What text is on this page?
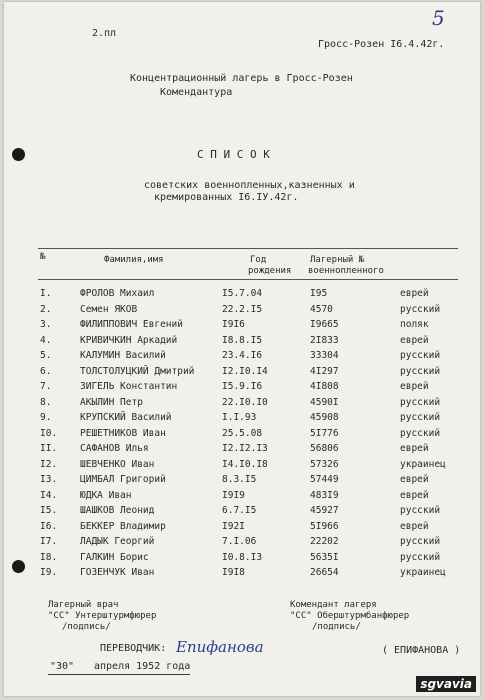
5
2.пл
Гросс-Розен I6.4.42г.
Концентрационный лагерь в Гросс-Розен
Комендантура
С П И С О К
советских военнопленных,казненных и
кремированных I6.IУ.42г.
№	Фамилия,имя	Год
рождения
Лагерный №
военнопленного
I.	ФРОЛОВ Михаил	I5.7.04	I95	еврей
2.	Семен ЯКОВ	22.2.I5	4570	русский
3.	ФИЛИППОВИЧ Евгений	I9I6	I9665	поляк
4.	КРИВИЧКИН Аркадий	I8.8.I5	2I833	еврей
5.	КАЛУМИН Василий	23.4.I6	33304	русский
6.	ТОЛСТОЛУЦКИЙ Дмитрий	I2.I0.I4	4I297	русский
7.	ЗИГЕЛЬ Константин	I5.9.I6	4I808	еврей
8.	АКЫЛИН Петр	22.I0.I0	4590I	русский
9.	КРУПСКИЙ Василий	I.I.93	45908	русский
I0. РЕШЕТНИКОВ Иван	25.5.08	5I776	русский
II. САФАНОВ Илья	I2.I2.I3	56806	еврей
I2. ШЕВЧЕНКО Иван	I4.I0.I8	57326	украинец
I3. ЦИМБАЛ Григорий	8.3.I5	57449	еврей
I4. ЮДКА Иван	I9I9	483I9	еврей
I5. ШАШКОВ Леонид	6.7.I5	45927	русский
I6. БЕККЕР Владимир	I92I	5I966	еврей
I7. ЛАДЫК Георгий	7.I.06	22202	русский
I8. ГАЛКИН Борис	I0.8.I3	5635I	русский
I9. ГОЗЕНЧУК Иван	I9I8	26654	украинец
Лагерный врач
"СС" Унтерштурмфюрер
/подпись/
Комендант лагеря
"СС" Оберштурмбанфюрер
/подпись/
ПЕРЕВОДЧИК: Епифанова	( ЕПИФАНОВА )
"30" апреля 1952 года
sgvavia
